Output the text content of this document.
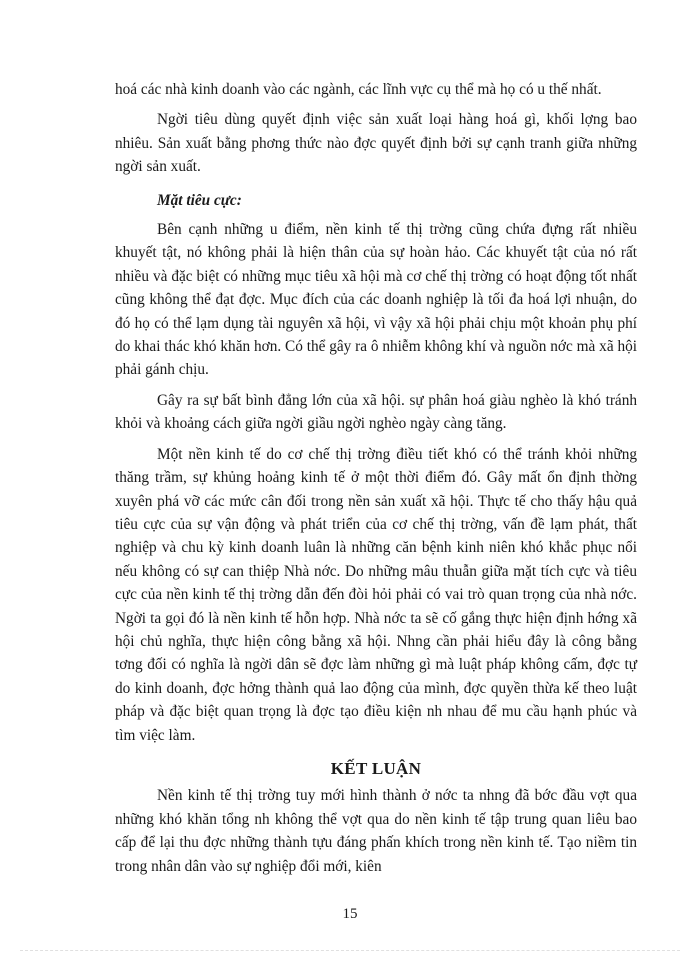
hoá các nhà kinh doanh vào các ngành, các lĩnh vực cụ thể mà họ có u thế nhất.

Ngời tiêu dùng quyết định việc sản xuất loại hàng hoá gì, khối lợng bao nhiêu. Sản xuất bằng phơng thức nào đợc quyết định bởi sự cạnh tranh giữa những ngời sản xuất.

Mặt tiêu cực:

Bên cạnh những u điểm, nền kinh tế thị trờng cũng chứa đựng rất nhiều khuyết tật, nó không phải là hiện thân của sự hoàn hảo. Các khuyết tật của nó rất nhiều và đặc biệt có những mục tiêu xã hội mà cơ chế thị trờng có hoạt động tốt nhất cũng không thể đạt đợc. Mục đích của các doanh nghiệp là tối đa hoá lợi nhuận, do đó họ có thể lạm dụng tài nguyên xã hội, vì vậy xã hội phải chịu một khoản phụ phí do khai thác khó khăn hơn. Có thể gây ra ô nhiễm không khí và nguồn nớc mà xã hội phải gánh chịu.

Gây ra sự bất bình đẳng lớn của xã hội. sự phân hoá giàu nghèo là khó tránh khỏi và khoảng cách giữa ngời giầu ngời nghèo ngày càng tăng.

Một nền kinh tế do cơ chế thị trờng điều tiết khó có thể tránh khỏi những thăng trầm, sự khủng hoảng kinh tế ở một thời điểm đó. Gây mất ổn định thờng xuyên phá vỡ các mức cân đối trong nền sản xuất xã hội. Thực tế cho thấy hậu quả tiêu cực của sự vận động và phát triển của cơ chế thị trờng, vấn đề lạm phát, thất nghiệp và chu kỳ kinh doanh luân là những căn bệnh kinh niên khó khắc phục nổi nếu không có sự can thiệp Nhà nớc. Do những mâu thuẫn giữa mặt tích cực và tiêu cực của nền kinh tế thị trờng dẫn đến đòi hỏi phải có vai trò quan trọng của nhà nớc. Ngời ta gọi đó là nền kinh tế hỗn hợp. Nhà nớc ta sẽ cố gắng thực hiện định hớng xã hội chủ nghĩa, thực hiện công bằng xã hội. Nhng cần phải hiểu đây là công bằng tơng đối có nghĩa là ngời dân sẽ đợc làm những gì mà luật pháp không cấm, đợc tự do kinh doanh, đợc hởng thành quả lao động của mình, đợc quyền thừa kế theo luật pháp và đặc biệt quan trọng là đợc tạo điều kiện nh nhau để mu cầu hạnh phúc và tìm việc làm.

KẾT LUẬN

Nền kinh tế thị trờng tuy mới hình thành ở nớc ta nhng đã bớc đầu vợt qua những khó khăn tổng nh không thể vợt qua do nền kinh tế tập trung quan liêu bao cấp để lại thu đợc những thành tựu đáng phấn khích trong nền kinh tế. Tạo niềm tin trong nhân dân vào sự nghiệp đổi mới, kiên

15
